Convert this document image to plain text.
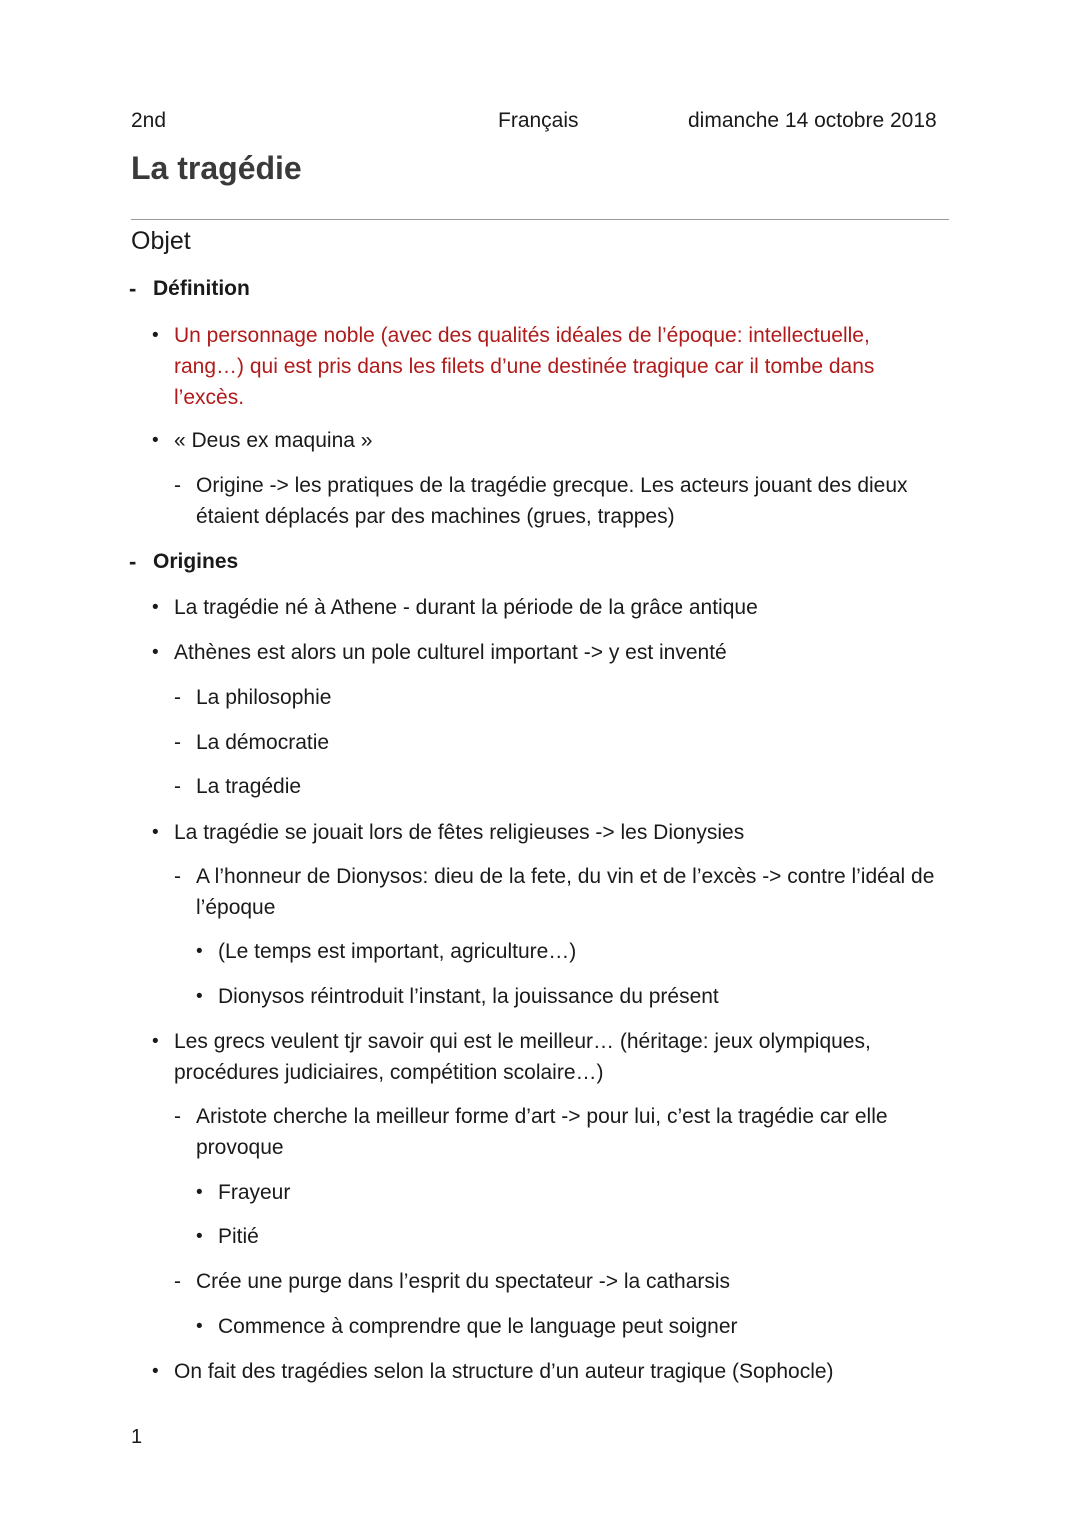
2nd	Français	dimanche 14 octobre 2018
La tragédie
Objet
- Définition
• Un personnage noble (avec des qualités idéales de l’époque: intellectuelle, rang…) qui est pris dans les filets d’une destinée tragique car il tombe dans l’excès.
• « Deus ex maquina »
- Origine -> les pratiques de la tragédie grecque. Les acteurs jouant des dieux étaient déplacés par des machines (grues, trappes)
- Origines
• La tragédie né à Athene - durant la période de la grâce antique
• Athènes est alors un pole culturel important -> y est inventé
- La philosophie
- La démocratie
- La tragédie
• La tragédie se jouait lors de fêtes religieuses -> les Dionysies
- A l’honneur de Dionysos: dieu de la fete, du vin et de l’excès -> contre l’idéal de l’époque
• (Le temps est important, agriculture…)
• Dionysos réintroduit l’instant, la jouissance du présent
• Les grecs veulent tjr savoir qui est le meilleur… (héritage: jeux olympiques, procédures judiciaires, compétition scolaire…)
- Aristote cherche la meilleur forme d’art -> pour lui, c’est la tragédie car elle provoque
• Frayeur
• Pitié
- Crée une purge dans l’esprit du spectateur -> la catharsis
• Commence à comprendre que le language peut soigner
• On fait des tragédies selon la structure d’un auteur tragique (Sophocle)
1
